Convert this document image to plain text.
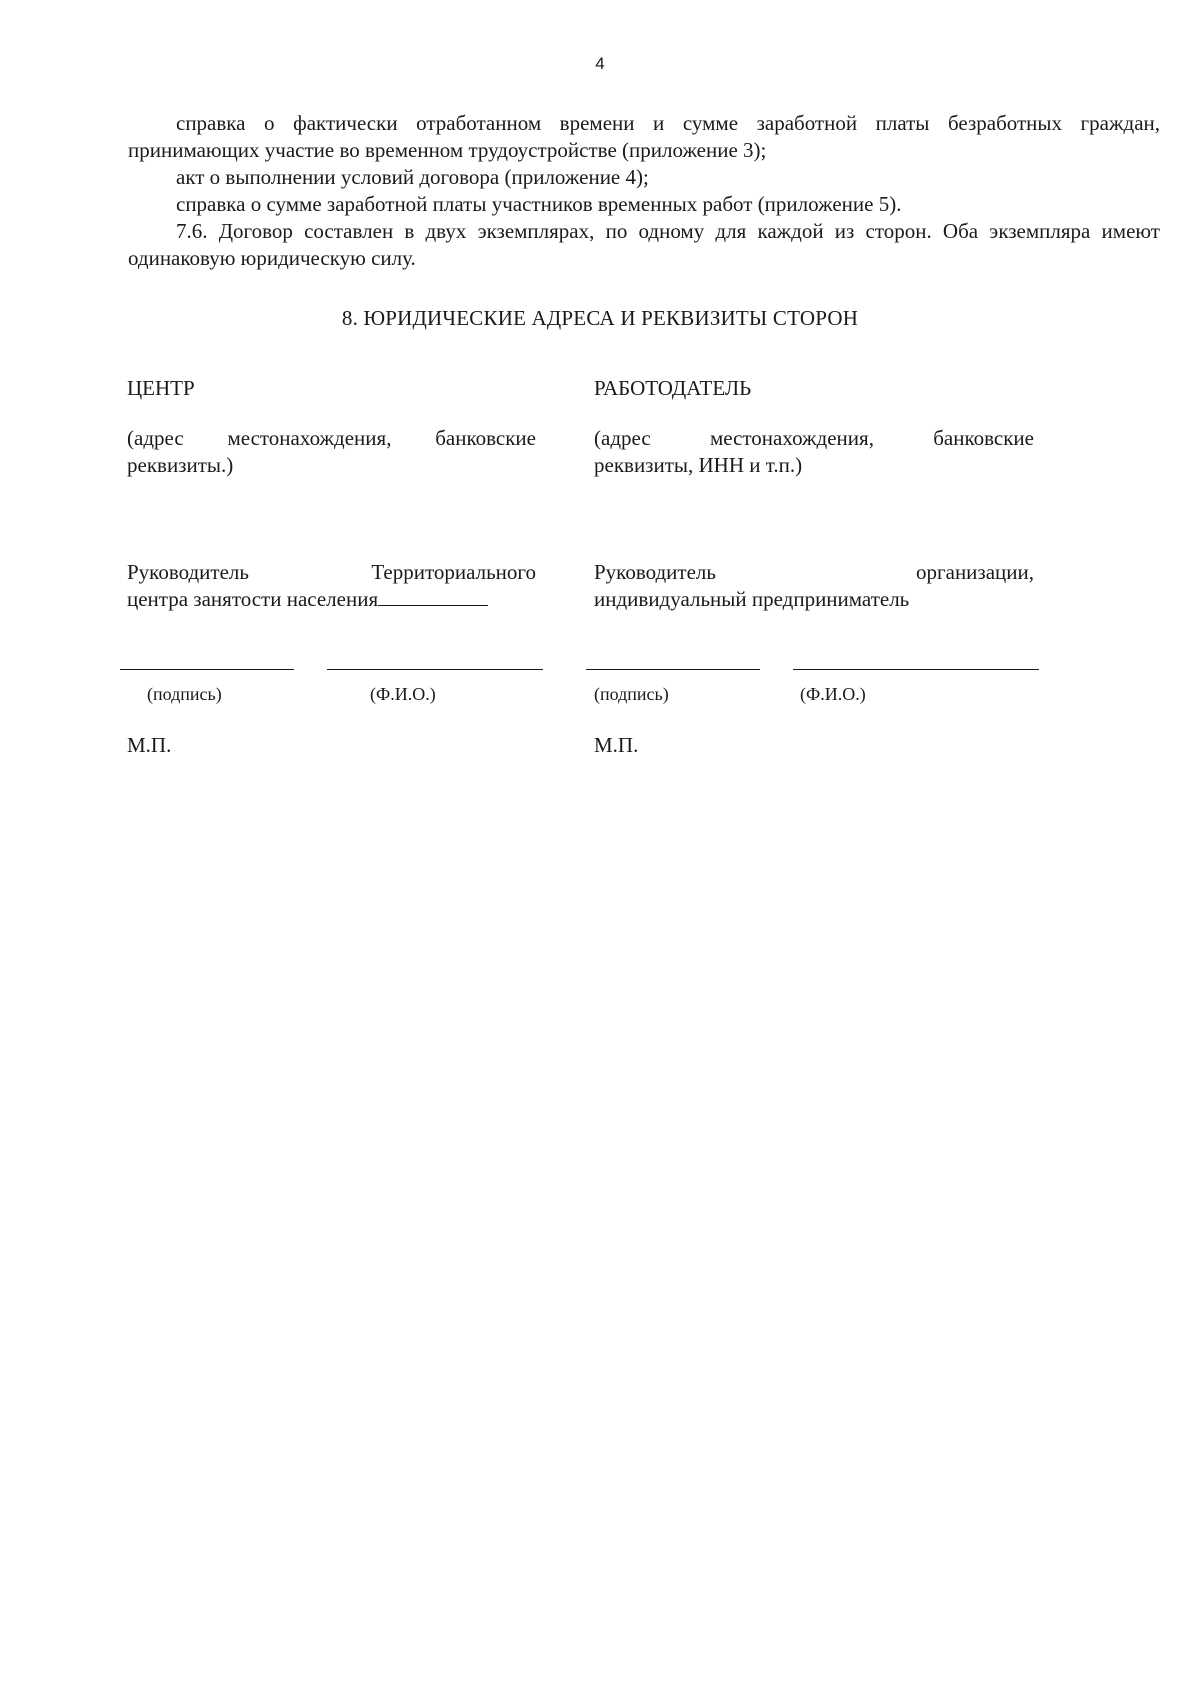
4

справка о фактически отработанном времени и сумме заработной платы безработных граждан, принимающих участие во временном трудоустройстве (приложение 3);

акт о выполнении условий договора (приложение 4);

справка о сумме заработной платы участников временных работ (приложение 5).

7.6. Договор составлен в двух экземплярах, по одному для каждой из сторон. Оба экземпляра имеют одинаковую юридическую силу.

8. ЮРИДИЧЕСКИЕ АДРЕСА И РЕКВИЗИТЫ СТОРОН
ЦЕНТР
(адрес местонахождения, банковские
реквизиты.)
Руководитель Территориального
центра занятости населения
РАБОТОДАТЕЛЬ
(адрес местонахождения, банковские
реквизиты, ИНН и т.п.)
Руководитель организации,
индивидуальный предприниматель
(подпись)	(Ф.И.О.)	(подпись)	(Ф.И.О.)
М.П.	М.П.
